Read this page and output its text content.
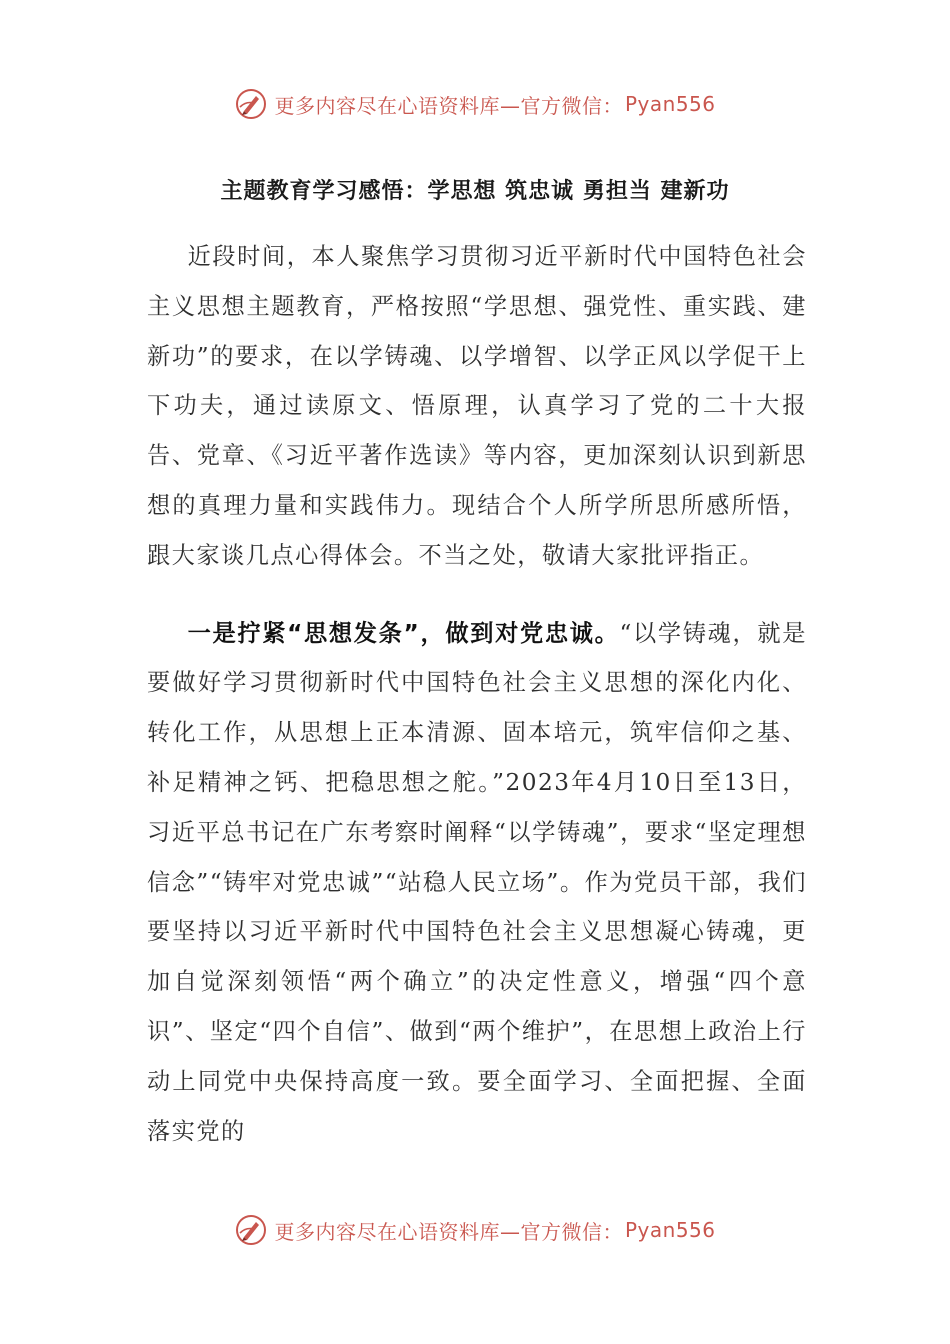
更多内容尽在心语资料库—官方微信： Pyan556
主题教育学习感悟：学思想 筑忠诚 勇担当 建新功

近段时间，本人聚焦学习贯彻习近平新时代中国特色社会主义思想主题教育，严格按照“学思想、强党性、重实践、建新功”的要求，在以学铸魂、以学增智、以学正风以学促干上下功夫，通过读原文、悟原理，认真学习了党的二十大报告、党章、《习近平著作选读》等内容，更加深刻认识到新思想的真理力量和实践伟力。现结合个人所学所思所感所悟，跟大家谈几点心得体会。不当之处，敬请大家批评指正。

一是拧紧“思想发条”，做到对党忠诚。“以学铸魂，就是要做好学习贯彻新时代中国特色社会主义思想的深化内化、转化工作，从思想上正本清源、固本培元，筑牢信仰之基、补足精神之钙、把稳思想之舵。”2023年4月10日至13日，习近平总书记在广东考察时阐释“以学铸魂”，要求“坚定理想信念”“铸牢对党忠诚”“站稳人民立场”。作为党员干部，我们要坚持以习近平新时代中国特色社会主义思想凝心铸魂，更加自觉深刻领悟“两个确立”的决定性意义，增强“四个意识”、坚定“四个自信”、做到“两个维护”，在思想上政治上行动上同党中央保持高度一致。要全面学习、全面把握、全面落实党的

更多内容尽在心语资料库—官方微信： Pyan556
